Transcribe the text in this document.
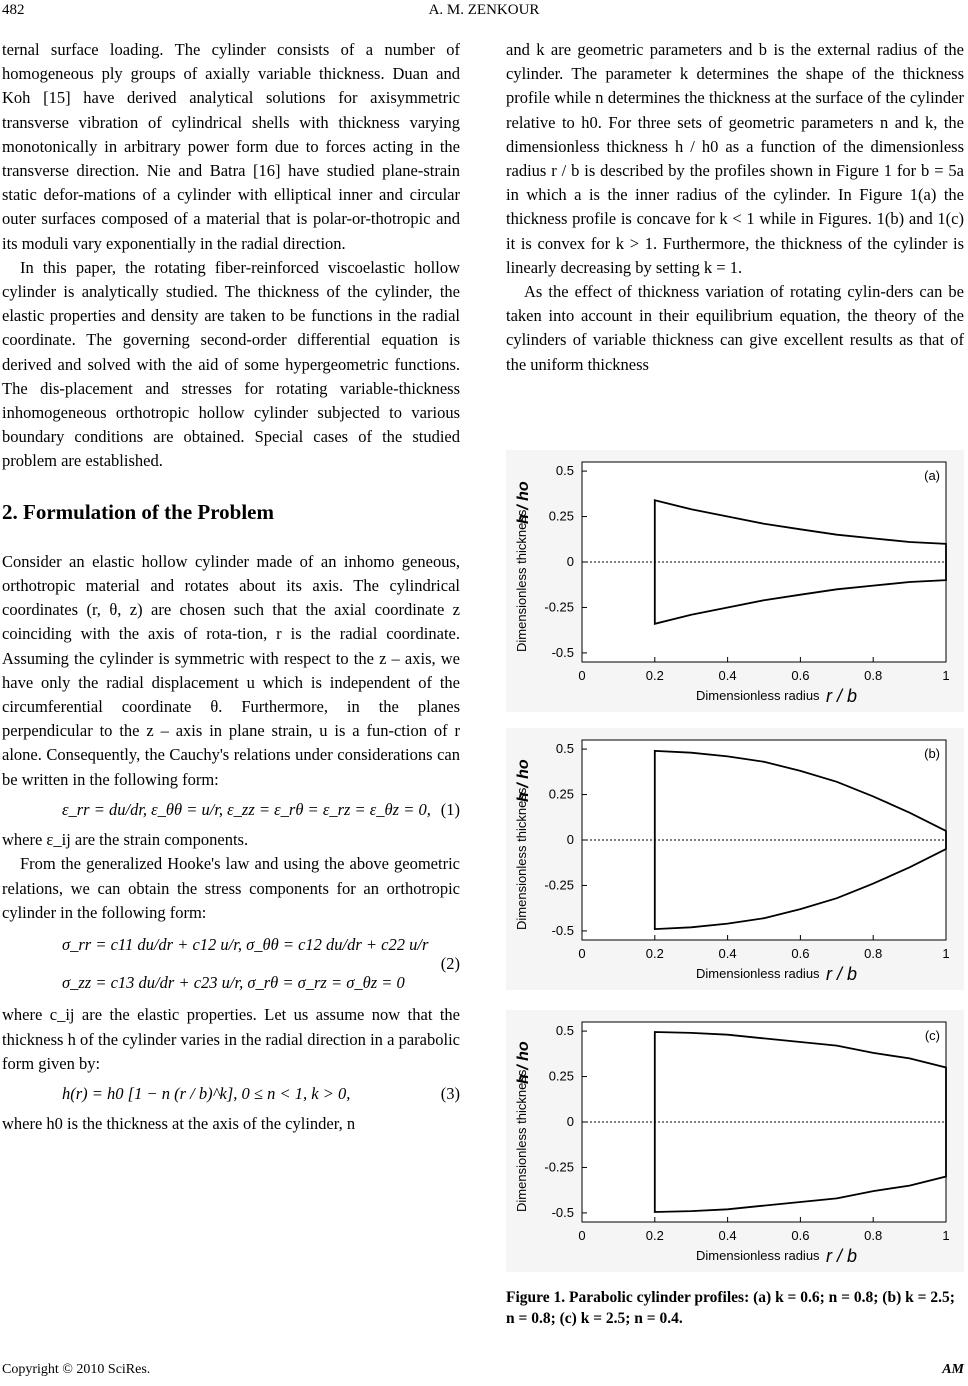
482	A. M. ZENKOUR

ternal surface loading. The cylinder consists of a number of homogeneous ply groups of axially variable thickness. Duan and Koh [15] have derived analytical solutions for axisymmetric transverse vibration of cylindrical shells with thickness varying monotonically in arbitrary power form due to forces acting in the transverse direction. Nie and Batra [16] have studied plane-strain static defor-mations of a cylinder with elliptical inner and circular outer surfaces composed of a material that is polar-or-thotropic and its moduli vary exponentially in the radial direction.

In this paper, the rotating fiber-reinforced viscoelastic hollow cylinder is analytically studied. The thickness of the cylinder, the elastic properties and density are taken to be functions in the radial coordinate. The governing second-order differential equation is derived and solved with the aid of some hypergeometric functions. The dis-placement and stresses for rotating variable-thickness inhomogeneous orthotropic hollow cylinder subjected to various boundary conditions are obtained. Special cases of the studied problem are established.

2. Formulation of the Problem

Consider an elastic hollow cylinder made of an inhomo geneous, orthotropic material and rotates about its axis. The cylindrical coordinates (r, θ, z) are chosen such that the axial coordinate z coinciding with the axis of rota-tion, r is the radial coordinate. Assuming the cylinder is symmetric with respect to the z – axis, we have only the radial displacement u which is independent of the circumferential coordinate θ. Furthermore, in the planes perpendicular to the z – axis in plane strain, u is a fun-ction of r alone. Consequently, the Cauchy's relations under considerations can be written in the following form:

ε_rr = du/dr, ε_θθ = u/r, ε_zz = ε_rθ = ε_rz = ε_θz = 0, (1)

where ε_ij are the strain components.

From the generalized Hooke's law and using the above geometric relations, we can obtain the stress components for an orthotropic cylinder in the following form:

σ_rr = c11 du/dr + c12 u/r, σ_θθ = c12 du/dr + c22 u/r
σ_zz = c13 du/dr + c23 u/r, σ_rθ = σ_rz = σ_θz = 0
(2)

where c_ij are the elastic properties. Let us assume now that the thickness h of the cylinder varies in the radial direction in a parabolic form given by:

h(r) = h0 [1 − n (r / b)^k], 0 ≤ n < 1, k > 0,	(3)

where h0 is the thickness at the axis of the cylinder, n

and k are geometric parameters and b is the external radius of the cylinder. The parameter k determines the shape of the thickness profile while n determines the thickness at the surface of the cylinder relative to h0. For three sets of geometric parameters n and k, the dimensionless thickness h / h0 as a function of the dimensionless radius r / b is described by the profiles shown in Figure 1 for b = 5a in which a is the inner radius of the cylinder. In Figure 1(a) the thickness profile is concave for k < 1 while in Figures. 1(b) and 1(c) it is convex for k > 1. Furthermore, the thickness of the cylinder is linearly decreasing by setting k = 1.

As the effect of thickness variation of rotating cylin-ders can be taken into account in their equilibrium equation, the theory of the cylinders of variable thickness can give excellent results as that of the uniform thickness

0	0.2	0.4	0.6	0.8	1
0.5
0.25
0
-0.25
-0.5
(a)
Dimensionless radius r / b
Dimensionless thickness
h / ho
0	0.2	0.4	0.6	0.8	1
0.5
0.25
0
-0.25
-0.5
(b)
Dimensionless radius r / b
Dimensionless thickness
h / ho
0	0.2	0.4	0.6	0.8	1
0.5
0.25
0
-0.25
-0.5
(c)
Dimensionless radius r / b
Dimensionless thickness
h / ho
Figure 1. Parabolic cylinder profiles: (a) k = 0.6; n = 0.8; (b) k = 2.5; n = 0.8; (c) k = 2.5; n = 0.4.
Copyright © 2010 SciRes.	AM
